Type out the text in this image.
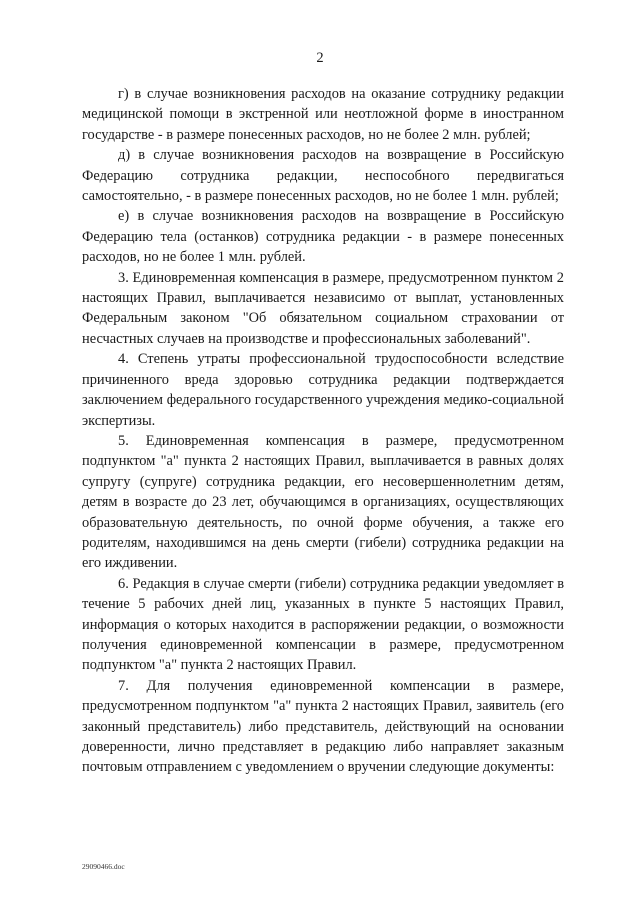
2

г) в случае возникновения расходов на оказание сотруднику редакции медицинской помощи в экстренной или неотложной форме в иностранном государстве - в размере понесенных расходов, но не более 2 млн. рублей;

д) в случае возникновения расходов на возвращение в Российскую Федерацию сотрудника редакции, неспособного передвигаться самостоятельно, - в размере понесенных расходов, но не более 1 млн. рублей;

е) в случае возникновения расходов на возвращение в Российскую Федерацию тела (останков) сотрудника редакции - в размере понесенных расходов, но не более 1 млн. рублей.

3. Единовременная компенсация в размере, предусмотренном пунктом 2 настоящих Правил, выплачивается независимо от выплат, установленных Федеральным законом "Об обязательном социальном страховании от несчастных случаев на производстве и профессиональных заболеваний".

4. Степень утраты профессиональной трудоспособности вследствие причиненного вреда здоровью сотрудника редакции подтверждается заключением федерального государственного учреждения медико-социальной экспертизы.

5. Единовременная компенсация в размере, предусмотренном подпунктом "а" пункта 2 настоящих Правил, выплачивается в равных долях супругу (супруге) сотрудника редакции, его несовершеннолетним детям, детям в возрасте до 23 лет, обучающимся в организациях, осуществляющих образовательную деятельность, по очной форме обучения, а также его родителям, находившимся на день смерти (гибели) сотрудника редакции на его иждивении.

6. Редакция в случае смерти (гибели) сотрудника редакции уведомляет в течение 5 рабочих дней лиц, указанных в пункте 5 настоящих Правил, информация о которых находится в распоряжении редакции, о возможности получения единовременной компенсации в размере, предусмотренном подпунктом "а" пункта 2 настоящих Правил.

7. Для получения единовременной компенсации в размере, предусмотренном подпунктом "а" пункта 2 настоящих Правил, заявитель (его законный представитель) либо представитель, действующий на основании доверенности, лично представляет в редакцию либо направляет заказным почтовым отправлением с уведомлением о вручении следующие документы:

29090466.doc
